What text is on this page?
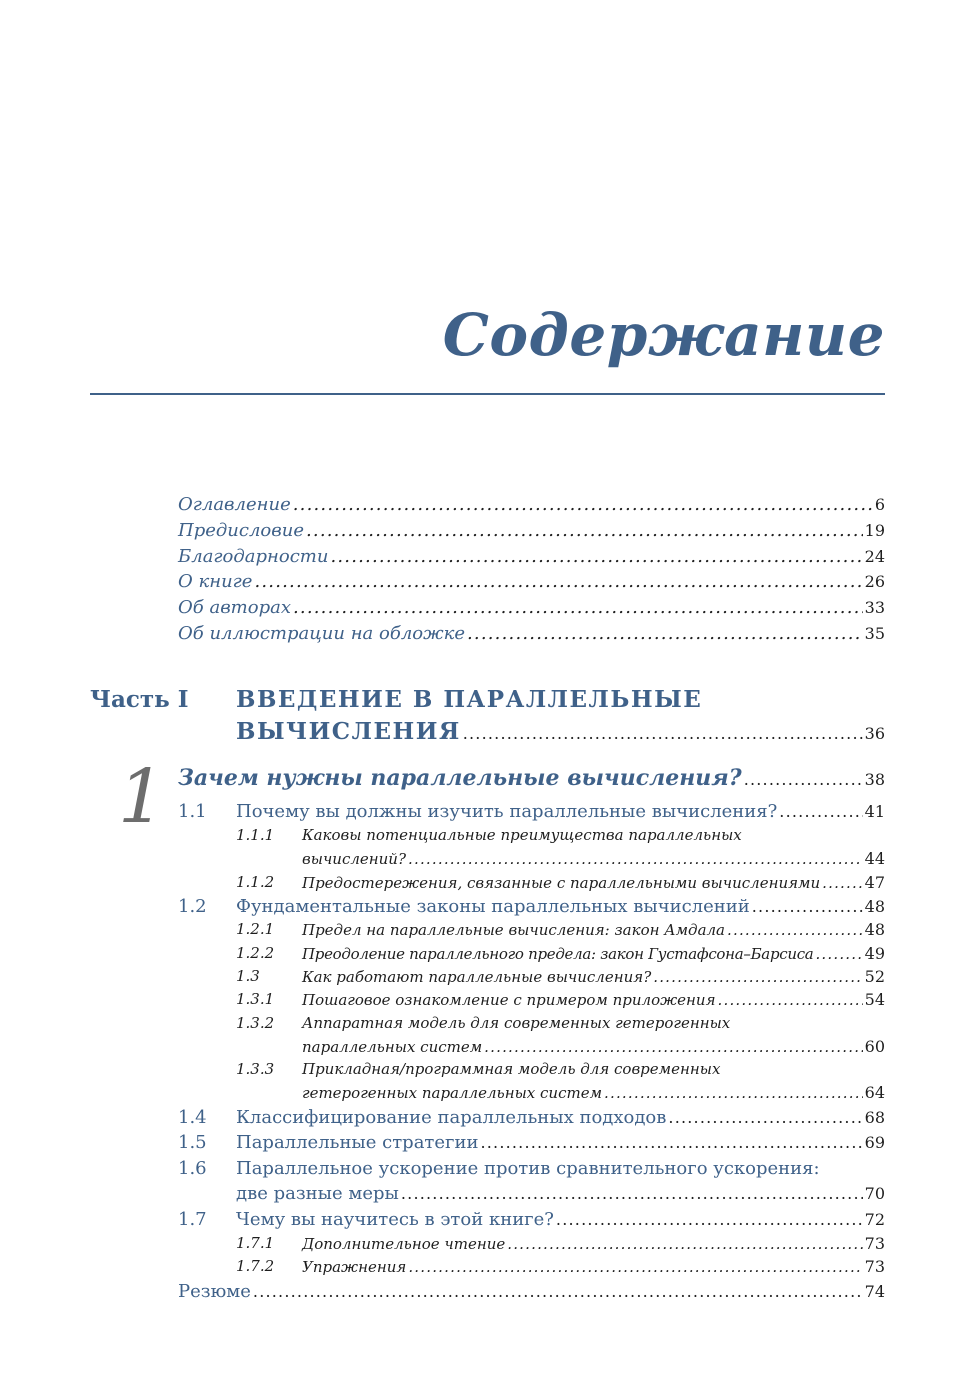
Содержание
Оглавление .....	6
Предисловие .....	19
Благодарности .....	24
О книге .....	26
Об авторах .....	33
Об иллюстрации на обложке .....	35
Часть I ВВЕДЕНИЕ В ПАРАЛЛЕЛЬНЫЕ
ВЫЧИСЛЕНИЯ .....	36
1 Зачем нужны параллельные вычисления? .....	38
1.1 Почему вы должны изучить параллельные вычисления? .....	41
1.1.1 Каковы потенциальные преимущества параллельных
вычислений? .....	44
1.1.2 Предостережения, связанные с параллельными вычислениями .....	47
1.2 Фундаментальные законы параллельных вычислений .....	48
1.2.1 Предел на параллельные вычисления: закон Амдала .....	48
1.2.2 Преодоление параллельного предела: закон Густафсона–Барсиса .....	49
1.3	Как работают параллельные вычисления? .....	52
1.3.1 Пошаговое ознакомление с примером приложения .....	54
1.3.2 Аппаратная модель для современных гетерогенных
параллельных систем .....	60
1.3.3 Прикладная/программная модель для современных
гетерогенных параллельных систем .....	64
1.4 Классифицирование параллельных подходов .....	68
1.5 Параллельные стратегии .....	69
1.6 Параллельное ускорение против сравнительного ускорения:
две разные меры .....	70
1.7 Чему вы научитесь в этой книге? .....	72
1.7.1 Дополнительное чтение .....	73
1.7.2 Упражнения .....	73
Резюме .....	74
